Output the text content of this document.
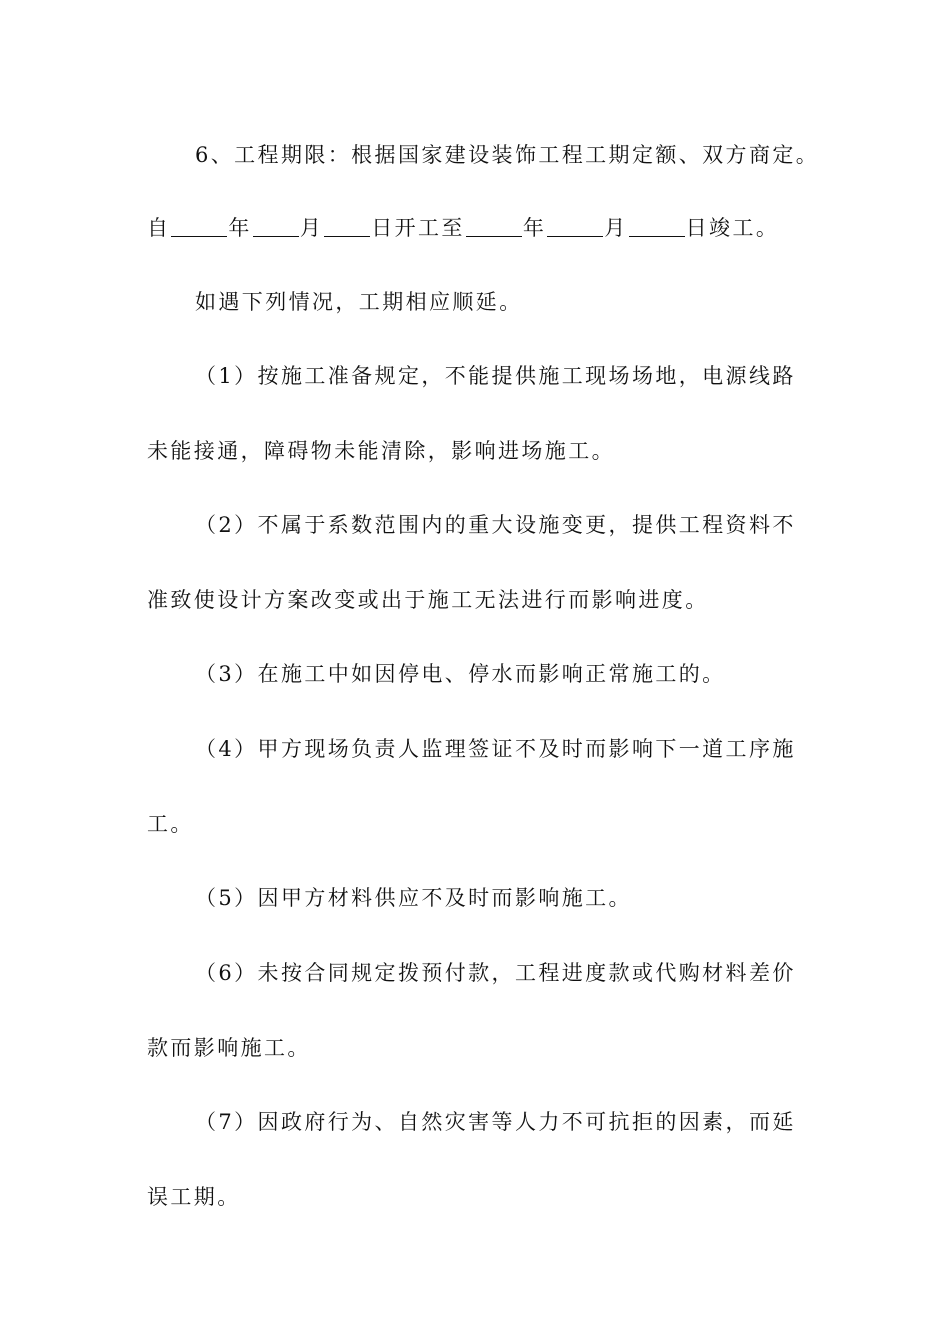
6、工程期限：根据国家建设装饰工程工期定额、双方商定。
自	年 月 日开工至	年	月	日竣工。
如遇下列情况，工期相应顺延。
（1）按施工准备规定，不能提供施工现场场地，电源线路
未能接通，障碍物未能清除，影响进场施工。
（2）不属于系数范围内的重大设施变更，提供工程资料不
准致使设计方案改变或出于施工无法进行而影响进度。
（3）在施工中如因停电、停水而影响正常施工的。
（4）甲方现场负责人监理签证不及时而影响下一道工序施
工。
（5）因甲方材料供应不及时而影响施工。
（6）未按合同规定拨预付款，工程进度款或代购材料差价
款而影响施工。
（7）因政府行为、自然灾害等人力不可抗拒的因素，而延
误工期。
